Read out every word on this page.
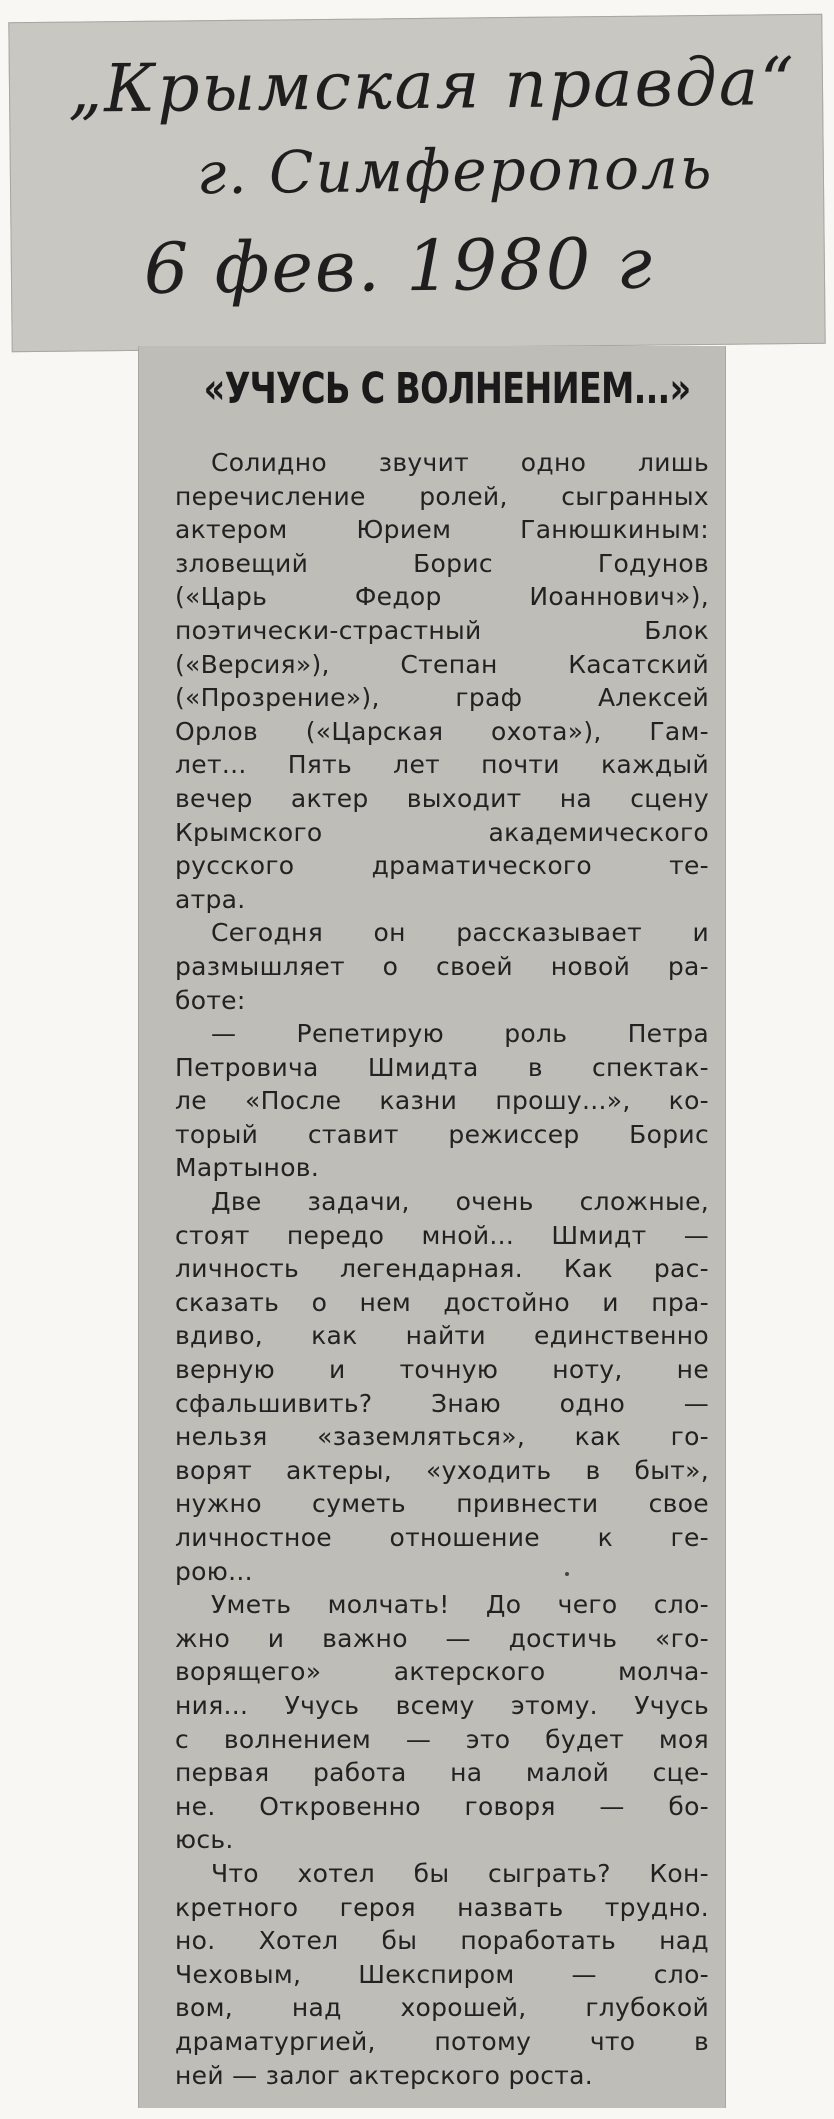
„Крымская правда“
г. Симферополь
6 фев. 1980 г
«УЧУСЬ С ВОЛНЕНИЕМ...»
Солидно звучит одно лишь
перечисление ролей, сыгранных
актером Юрием Ганюшкиным:
зловещий Борис Годунов
(«Царь Федор Иоаннович»),
поэтически-страстный Блок
(«Версия»), Степан Касатский
(«Прозрение»), граф Алексей
Орлов («Царская охота»), Гам-
лет... Пять лет почти каждый
вечер актер выходит на сцену
Крымского академического
русского драматического те-
атра.
Сегодня он рассказывает и
размышляет о своей новой ра-
боте:
— Репетирую роль Петра
Петровича Шмидта в спектак-
ле «После казни прошу...», ко-
торый ставит режиссер Борис
Мартынов.
Две задачи, очень сложные,
стоят передо мной... Шмидт —
личность легендарная. Как рас-
сказать о нем достойно и пра-
вдиво, как найти единственно
верную и точную ноту, не
сфальшивить? Знаю одно —
нельзя «заземляться», как го-
ворят актеры, «уходить в быт»,
нужно суметь привнести свое
личностное отношение к ге-
рою...
Уметь молчать! До чего сло-
жно и важно — достичь «го-
ворящего» актерского молча-
ния... Учусь всему этому. Учусь
с волнением — это будет моя
первая работа на малой сце-
не. Откровенно говоря — бо-
юсь.
Что хотел бы сыграть? Кон-
кретного героя назвать трудно.
но. Хотел бы поработать над
Чеховым, Шекспиром — сло-
вом, над хорошей, глубокой
драматургией, потому что в
ней — залог актерского роста.
